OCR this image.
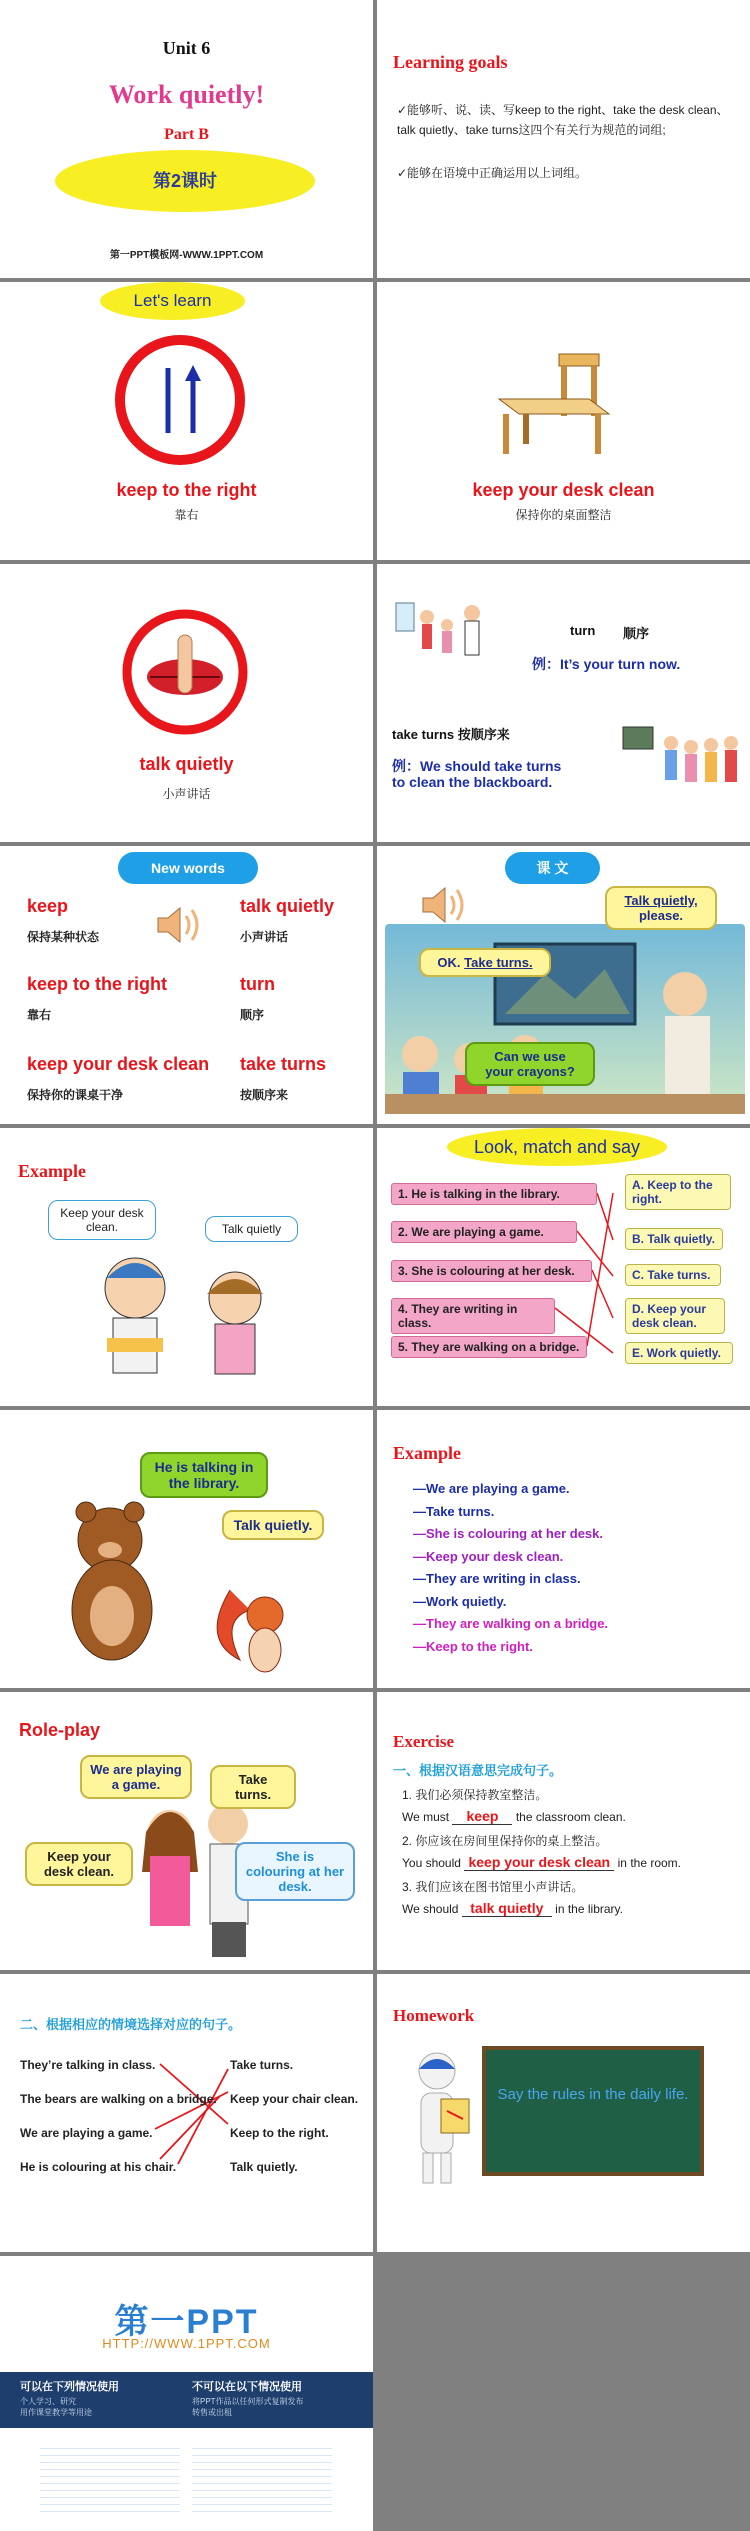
Unit 6
Work quietly!
Part B
第2课时
第一PPT模板网-WWW.1PPT.COM
Learning goals
✓能够听、说、读、写keep to the right、take the desk clean、talk quietly、take turns这四个有关行为规范的词组;
✓能够在语境中正确运用以上词组。
Let's learn
keep to the right
靠右
keep your desk clean
保持你的桌面整洁
talk quietly
小声讲话
turn 顺序
例：It’s your turn now.
take turns 按顺序来
例：We should take turns
to clean the blackboard.
New words
keep
保持某种状态
talk quietly
小声讲话
keep to the right
靠右
turn
顺序
keep your desk clean
保持你的课桌干净
take turns
按顺序来
课 文
Talk quietly,
please.
OK. Take turns.
Can we use
your crayons?
Example
Keep your desk clean.	Talk quietly
Look, match and say
1. He is talking in the library.
2. We are playing a game.
3. She is colouring at her desk.
4. They are writing in class.
5. They are walking on a bridge.
A. Keep to the right.
B. Talk quietly.
C. Take turns.
D. Keep your desk clean.
E. Work quietly.
He is talking in the library.
Talk quietly.
Example
—We are playing a game.
—Take turns.
—She is colouring at her desk.
—Keep your desk clean.
—They are writing in class.
—Work quietly.
—They are walking on a bridge.
—Keep to the right.
Role-play
We are playing a game.	Take turns.
Keep your desk clean.
She is colouring at her desk.
Exercise
一、根据汉语意思完成句子。
1. 我们必须保持教室整洁。
We must keep the classroom clean.
2. 你应该在房间里保持你的桌上整洁。
You should keep your desk clean in the room.
3. 我们应该在图书馆里小声讲话。
We should talk quietly in the library.
二、根据相应的情境选择对应的句子。
They’re talking in class.
The bears are walking on a bridge.
We are playing a game.
He is colouring at his chair.
Take turns.
Keep your chair clean.
Keep to the right.
Talk quietly.
Homework
Say the rules in the daily life.
第一PPT
HTTP://WWW.1PPT.COM
可以在下列情况使用
个人学习、研究
用作课堂教学等用途
不可以在以下情况使用
将PPT作品以任何形式复制发布
转售或出租
